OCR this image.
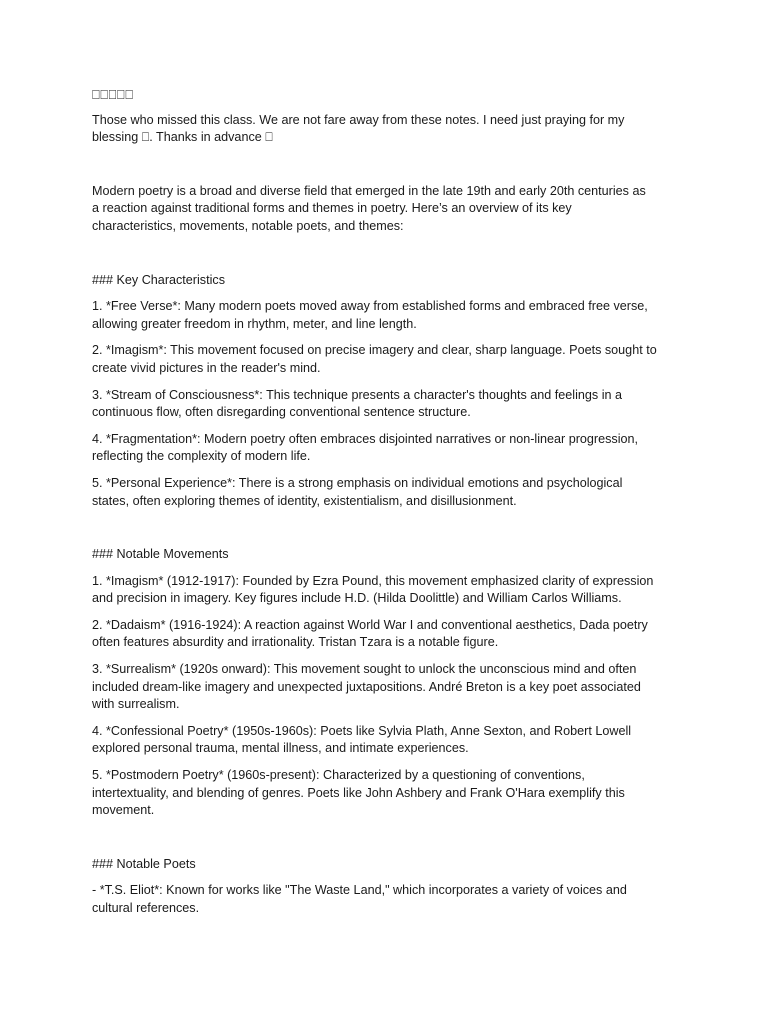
⎕⎕⎕⎕⎕
Those who missed this class. We are not fare away from these notes. I need just praying for my
blessing ⎕. Thanks in advance ⎕
Modern poetry is a broad and diverse field that emerged in the late 19th and early 20th centuries as
a reaction against traditional forms and themes in poetry. Here’s an overview of its key
characteristics, movements, notable poets, and themes:
### Key Characteristics
1. *Free Verse*: Many modern poets moved away from established forms and embraced free verse,
allowing greater freedom in rhythm, meter, and line length.
2. *Imagism*: This movement focused on precise imagery and clear, sharp language. Poets sought to
create vivid pictures in the reader's mind.
3. *Stream of Consciousness*: This technique presents a character's thoughts and feelings in a
continuous flow, often disregarding conventional sentence structure.
4. *Fragmentation*: Modern poetry often embraces disjointed narratives or non-linear progression,
reflecting the complexity of modern life.
5. *Personal Experience*: There is a strong emphasis on individual emotions and psychological
states, often exploring themes of identity, existentialism, and disillusionment.
### Notable Movements
1. *Imagism* (1912-1917): Founded by Ezra Pound, this movement emphasized clarity of expression
and precision in imagery. Key figures include H.D. (Hilda Doolittle) and William Carlos Williams.
2. *Dadaism* (1916-1924): A reaction against World War I and conventional aesthetics, Dada poetry
often features absurdity and irrationality. Tristan Tzara is a notable figure.
3. *Surrealism* (1920s onward): This movement sought to unlock the unconscious mind and often
included dream-like imagery and unexpected juxtapositions. André Breton is a key poet associated
with surrealism.
4. *Confessional Poetry* (1950s-1960s): Poets like Sylvia Plath, Anne Sexton, and Robert Lowell
explored personal trauma, mental illness, and intimate experiences.
5. *Postmodern Poetry* (1960s-present): Characterized by a questioning of conventions,
intertextuality, and blending of genres. Poets like John Ashbery and Frank O'Hara exemplify this
movement.
### Notable Poets
- *T.S. Eliot*: Known for works like "The Waste Land," which incorporates a variety of voices and
cultural references.
